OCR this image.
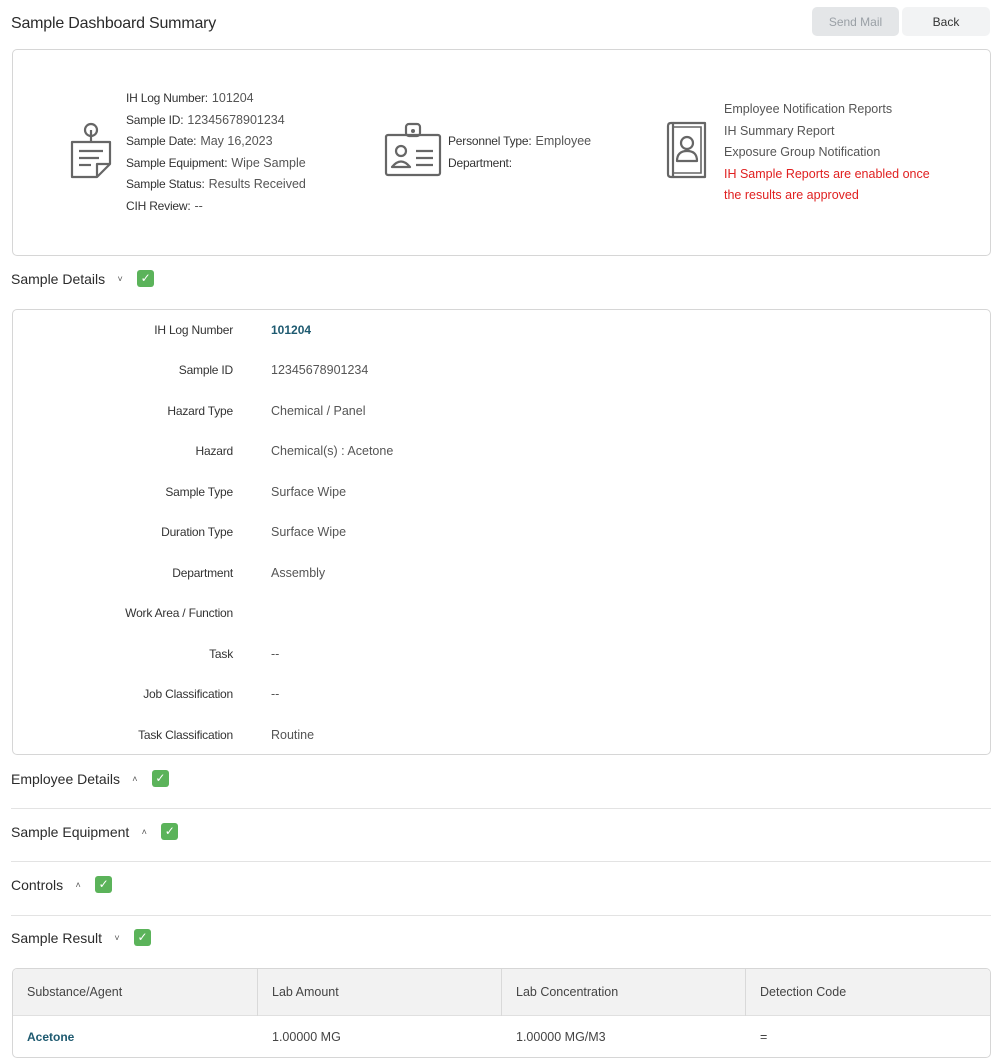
Sample Dashboard Summary	Send Mail	Back
IH Log Number : 101204
Sample ID : 12345678901234
Sample Date : May 16,2023
Sample Equipment : Wipe Sample
Sample Status : Results Received
CIH Review : --
Personnel Type : Employee
Department :
Employee Notification Reports
IH Summary Report
Exposure Group Notification
IH Sample Reports are enabled once
the results are approved
Sample Details ˅ ✓
IH Log Number	101204
Sample ID	12345678901234
Hazard Type	Chemical / Panel
Hazard	Chemical(s) : Acetone
Sample Type	Surface Wipe
Duration Type	Surface Wipe
Department	Assembly
Work Area / Function
Task	--
Job Classification	--
Task Classification	Routine
Employee Details ˄ ✓
Sample Equipment ˄ ✓
Controls ˄ ✓
Sample Result ˅ ✓
Substance/Agent	Lab Amount	Lab Concentration	Detection Code
Acetone	1.00000 MG	1.00000 MG/M3	=
